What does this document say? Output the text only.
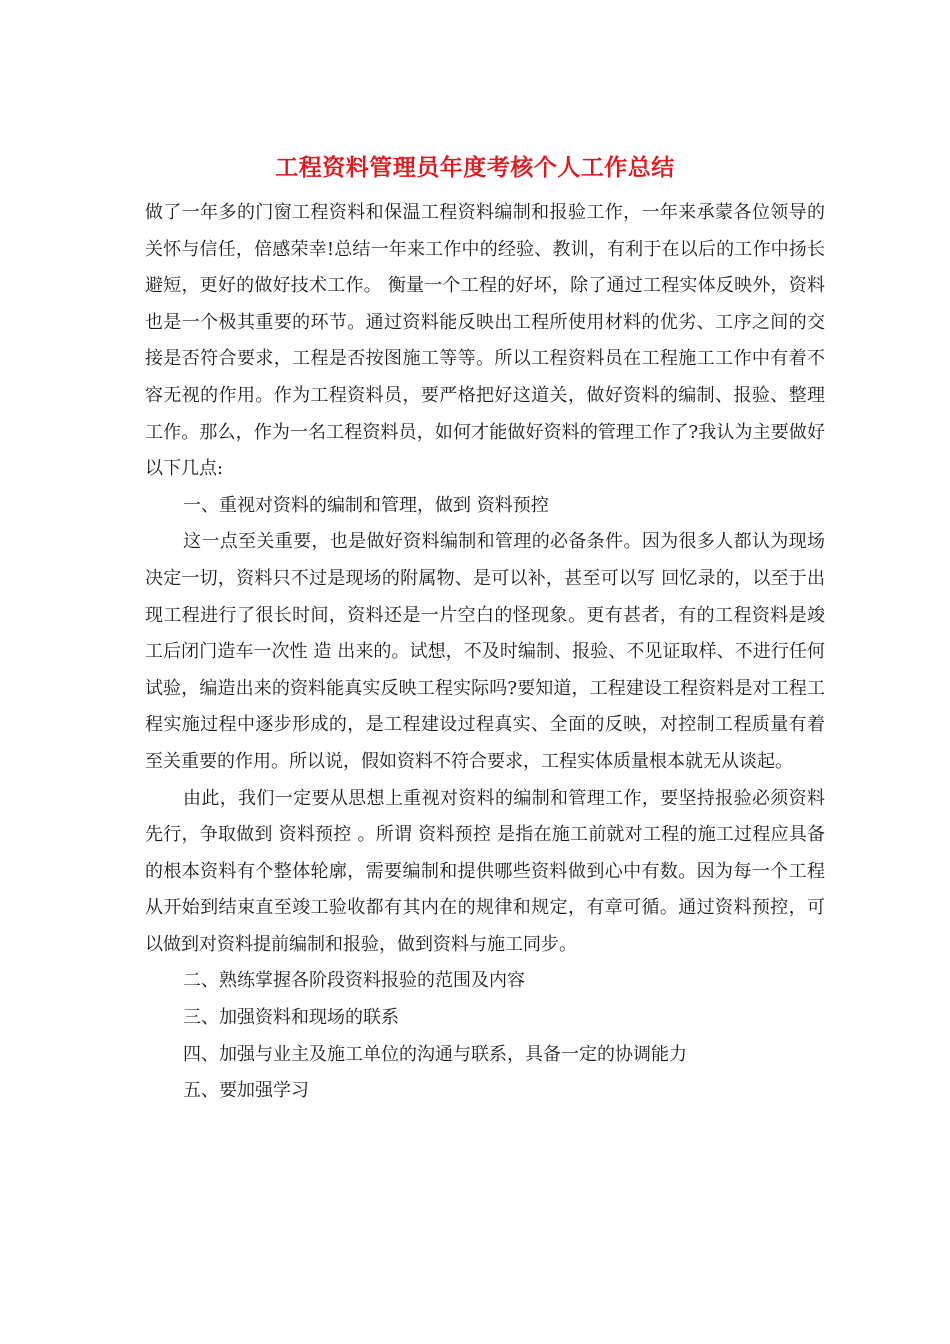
工程资料管理员年度考核个人工作总结

做了一年多的门窗工程资料和保温工程资料编制和报验工作，一年来承蒙各位领导的关怀与信任，倍感荣幸!总结一年来工作中的经验、教训，有利于在以后的工作中扬长避短，更好的做好技术工作。 衡量一个工程的好坏，除了通过工程实体反映外，资料也是一个极其重要的环节。通过资料能反映出工程所使用材料的优劣、工序之间的交接是否符合要求，工程是否按图施工等等。所以工程资料员在工程施工工作中有着不容无视的作用。作为工程资料员，要严格把好这道关，做好资料的编制、报验、整理工作。那么，作为一名工程资料员，如何才能做好资料的管理工作了?我认为主要做好以下几点:

一、重视对资料的编制和管理，做到 资料预控

这一点至关重要，也是做好资料编制和管理的必备条件。因为很多人都认为现场决定一切，资料只不过是现场的附属物、是可以补，甚至可以写 回忆录的，以至于出现工程进行了很长时间，资料还是一片空白的怪现象。更有甚者，有的工程资料是竣工后闭门造车一次性 造 出来的。试想，不及时编制、报验、不见证取样、不进行任何试验，编造出来的资料能真实反映工程实际吗?要知道，工程建设工程资料是对工程工程实施过程中逐步形成的，是工程建设过程真实、全面的反映，对控制工程质量有着至关重要的作用。所以说，假如资料不符合要求，工程实体质量根本就无从谈起。

由此，我们一定要从思想上重视对资料的编制和管理工作，要坚持报验必须资料先行，争取做到 资料预控 。所谓 资料预控 是指在施工前就对工程的施工过程应具备的根本资料有个整体轮廓，需要编制和提供哪些资料做到心中有数。因为每一个工程从开始到结束直至竣工验收都有其内在的规律和规定，有章可循。通过资料预控，可以做到对资料提前编制和报验，做到资料与施工同步。

二、熟练掌握各阶段资料报验的范围及内容

三、加强资料和现场的联系

四、加强与业主及施工单位的沟通与联系，具备一定的协调能力

五、要加强学习
